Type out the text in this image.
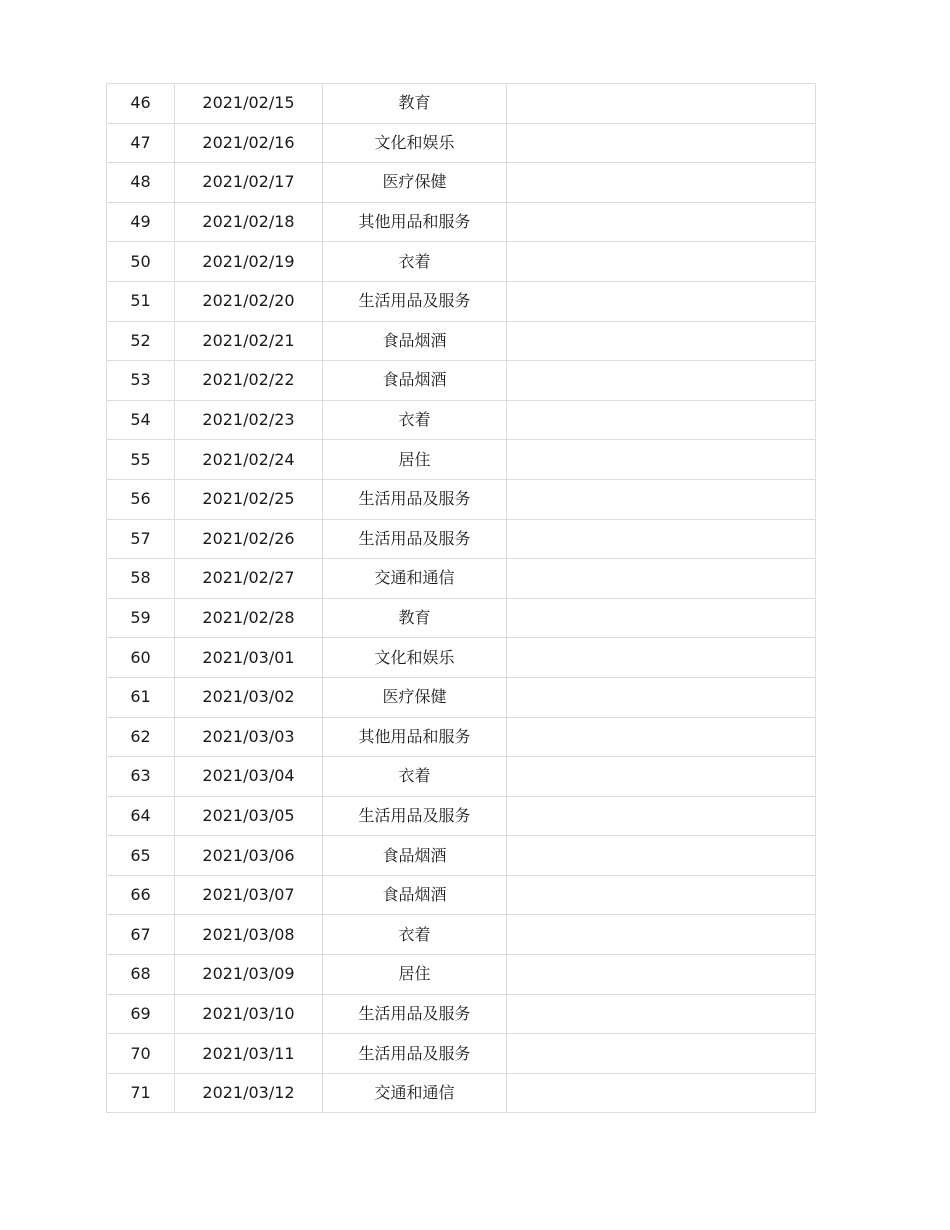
46	2021/02/15	教育	
47	2021/02/16	文化和娱乐	
48	2021/02/17	医疗保健	
49	2021/02/18	其他用品和服务	
50	2021/02/19	衣着	
51	2021/02/20	生活用品及服务	
52	2021/02/21	食品烟酒	
53	2021/02/22	食品烟酒	
54	2021/02/23	衣着	
55	2021/02/24	居住	
56	2021/02/25	生活用品及服务	
57	2021/02/26	生活用品及服务	
58	2021/02/27	交通和通信	
59	2021/02/28	教育	
60	2021/03/01	文化和娱乐	
61	2021/03/02	医疗保健	
62	2021/03/03	其他用品和服务	
63	2021/03/04	衣着	
64	2021/03/05	生活用品及服务	
65	2021/03/06	食品烟酒	
66	2021/03/07	食品烟酒	
67	2021/03/08	衣着	
68	2021/03/09	居住	
69	2021/03/10	生活用品及服务	
70	2021/03/11	生活用品及服务	
71	2021/03/12	交通和通信	
